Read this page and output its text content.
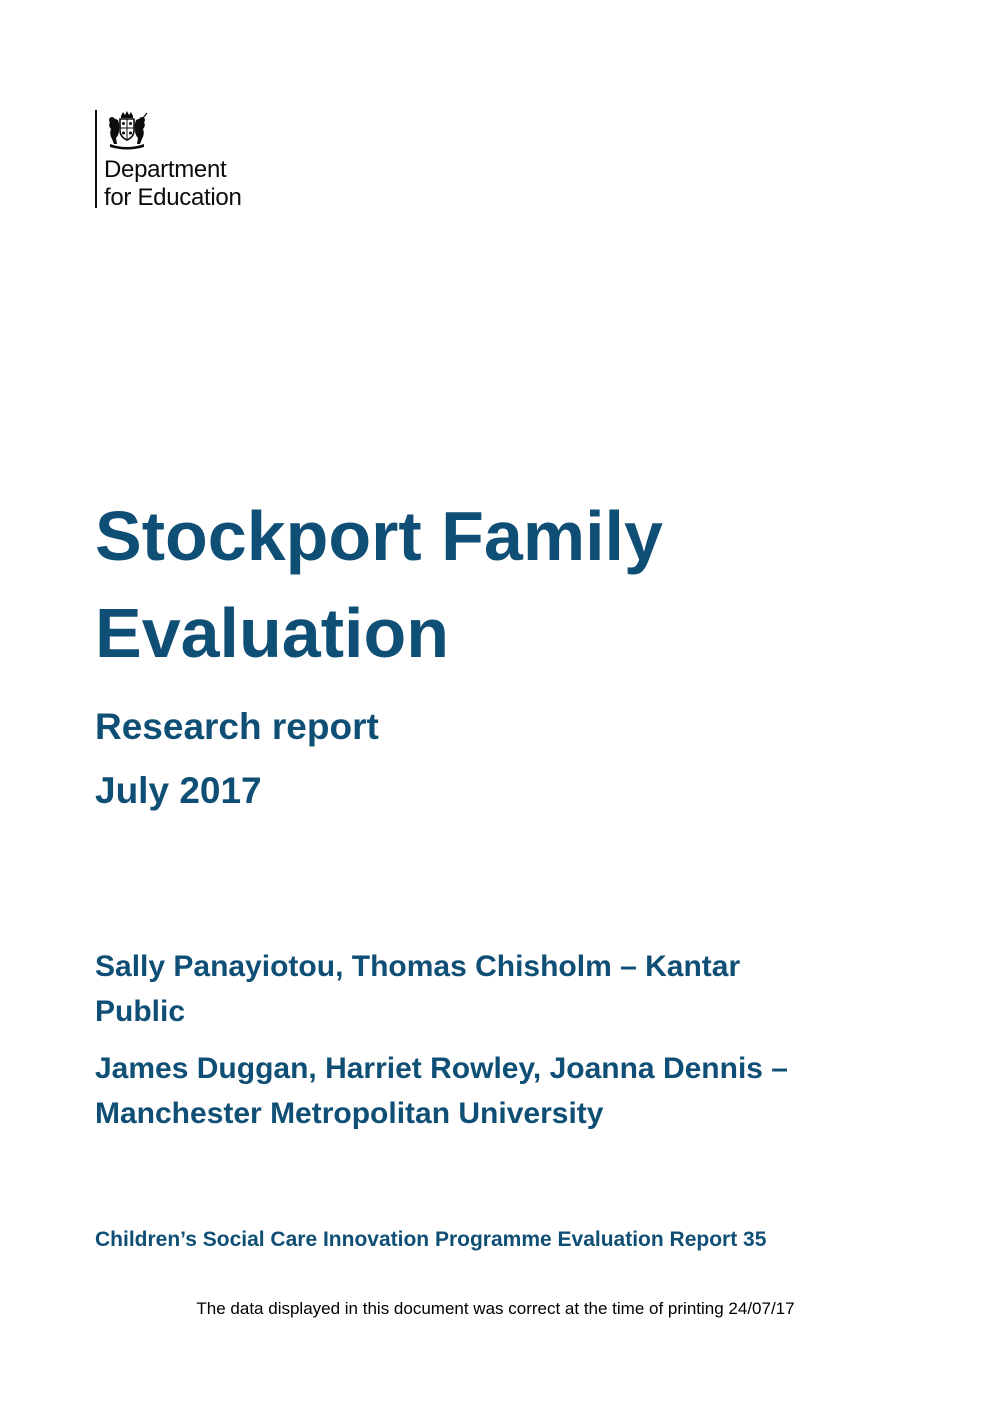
Department
for Education
Stockport Family
Evaluation
Research report
July 2017
Sally Panayiotou, Thomas Chisholm – Kantar
Public
James Duggan, Harriet Rowley, Joanna Dennis –
Manchester Metropolitan University

Children’s Social Care Innovation Programme Evaluation Report 35

The data displayed in this document was correct at the time of printing 24/07/17
